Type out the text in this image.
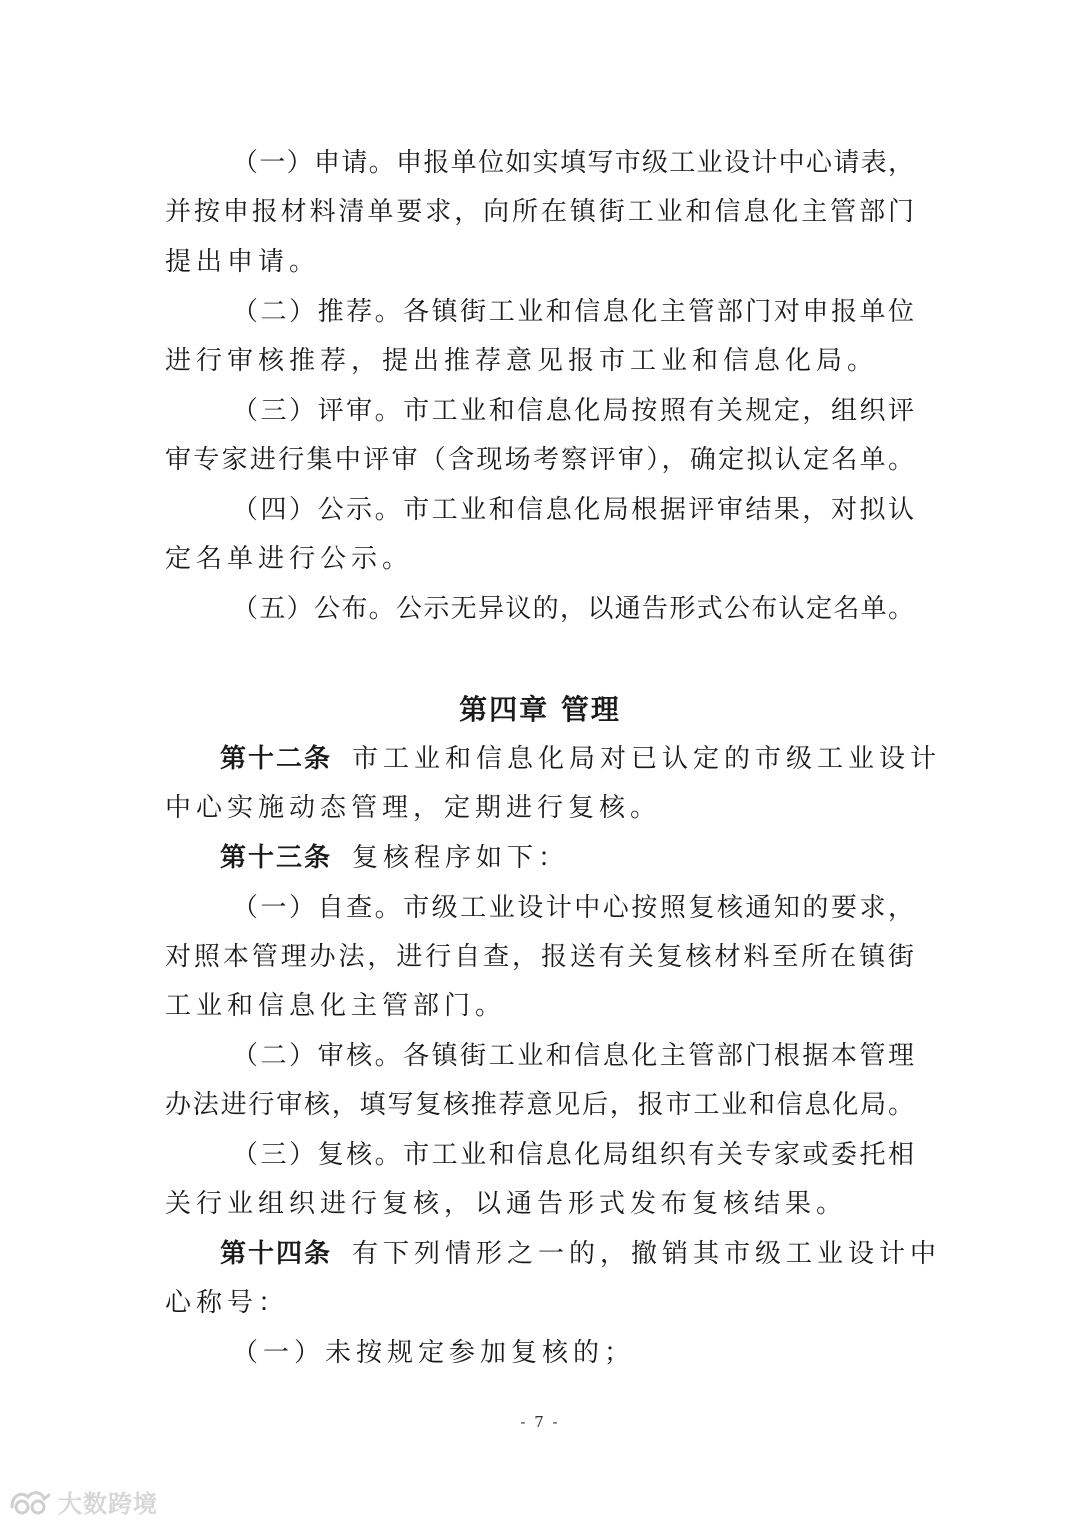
（一）申请。申报单位如实填写市级工业设计中心请表，
并按申报材料清单要求，向所在镇街工业和信息化主管部门
提出申请。
（二）推荐。各镇街工业和信息化主管部门对申报单位
进行审核推荐，提出推荐意见报市工业和信息化局。
（三）评审。市工业和信息化局按照有关规定，组织评
审专家进行集中评审（含现场考察评审），确定拟认定名单。
（四）公示。市工业和信息化局根据评审结果，对拟认
定名单进行公示。
（五）公布。公示无异议的，以通告形式公布认定名单。
第四章 管理
第十二条 市工业和信息化局对已认定的市级工业设计
中心实施动态管理，定期进行复核。
第十三条 复核程序如下：
（一）自查。市级工业设计中心按照复核通知的要求，
对照本管理办法，进行自查，报送有关复核材料至所在镇街
工业和信息化主管部门。
（二）审核。各镇街工业和信息化主管部门根据本管理
办法进行审核，填写复核推荐意见后，报市工业和信息化局。
（三）复核。市工业和信息化局组织有关专家或委托相
关行业组织进行复核，以通告形式发布复核结果。
第十四条 有下列情形之一的，撤销其市级工业设计中
心称号：
（一）未按规定参加复核的；
- 7 -
大数跨境
